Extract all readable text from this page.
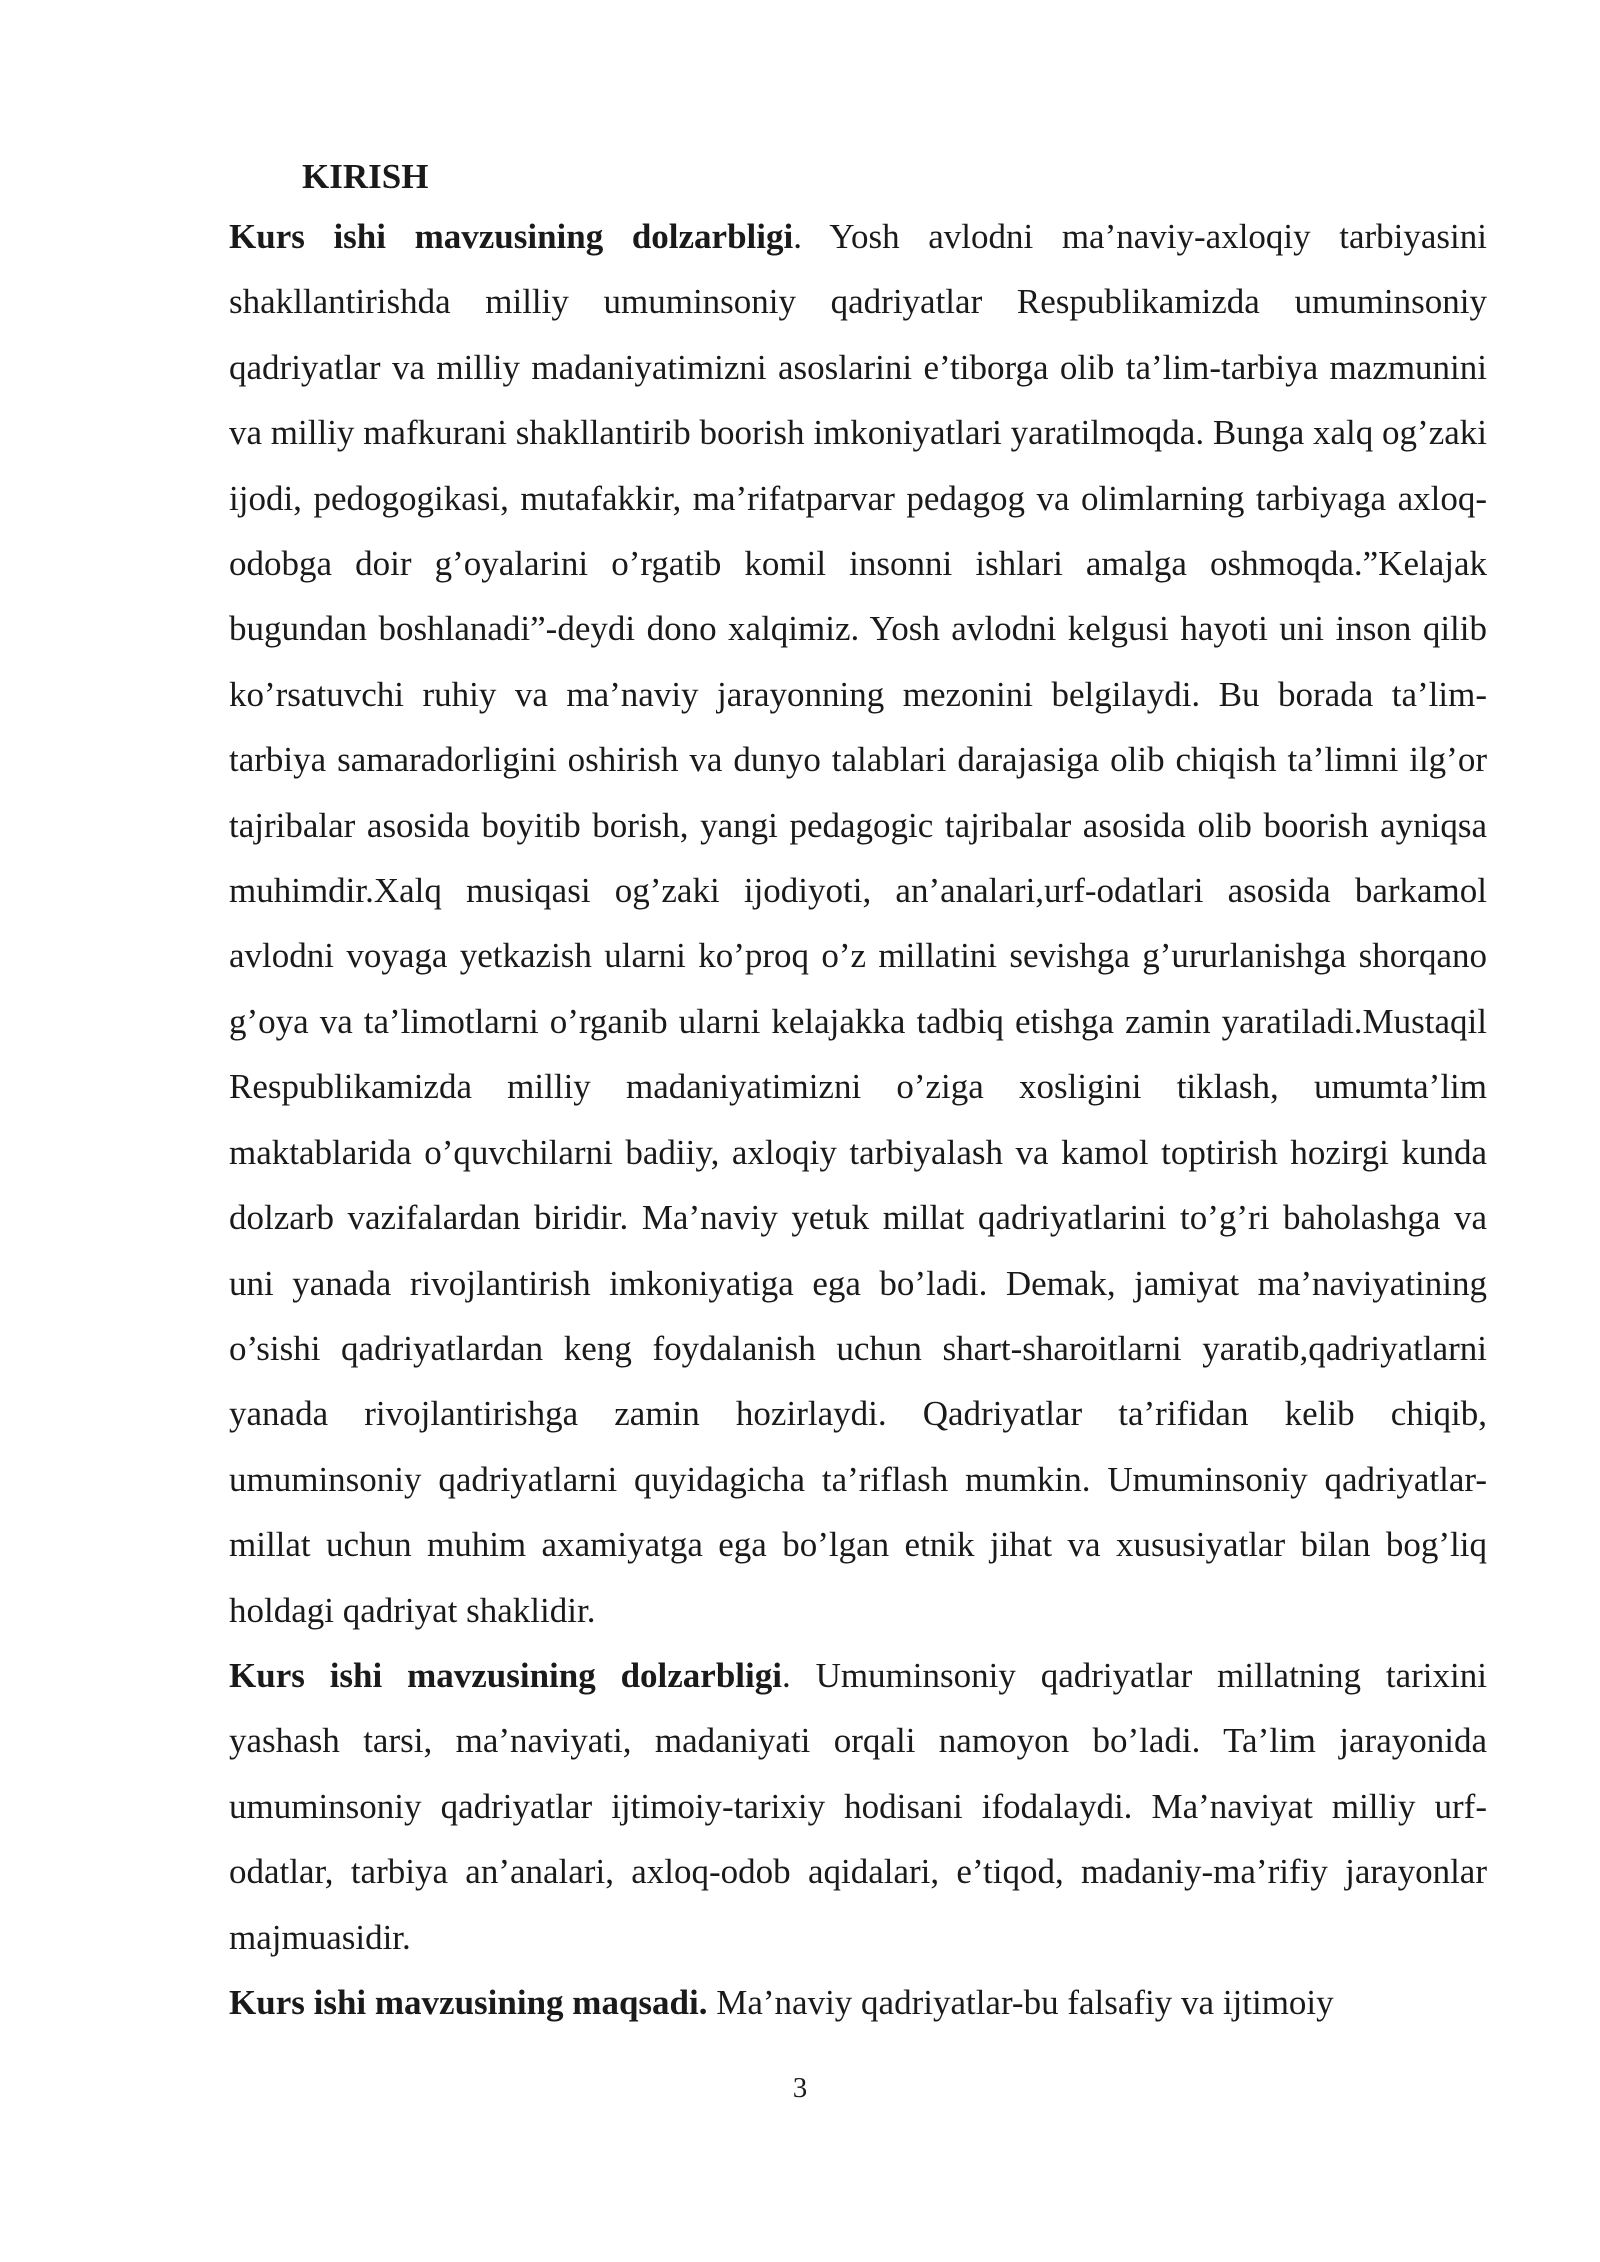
KIRISH

Kurs ishi mavzusining dolzarbligi. Yosh avlodni ma’naviy-axloqiy tarbiyasini shakllantirishda milliy umuminsoniy qadriyatlar Respublikamizda umuminsoniy qadriyatlar va milliy madaniyatimizni asoslarini e’tiborga olib ta’lim-tarbiya mazmunini va milliy mafkurani shakllantirib boorish imkoniyatlari yaratilmoqda. Bunga xalq og’zaki ijodi, pedogogikasi, mutafakkir, ma’rifatparvar pedagog va olimlarning tarbiyaga axloq-odobga doir g’oyalarini o’rgatib komil insonni ishlari amalga oshmoqda.”Kelajak bugundan boshlanadi”-deydi dono xalqimiz. Yosh avlodni kelgusi hayoti uni inson qilib ko’rsatuvchi ruhiy va ma’naviy jarayonning mezonini belgilaydi. Bu borada ta’lim-tarbiya samaradorligini oshirish va dunyo talablari darajasiga olib chiqish ta’limni ilg’or tajribalar asosida boyitib borish, yangi pedagogic tajribalar asosida olib boorish ayniqsa muhimdir.Xalq musiqasi og’zaki ijodiyoti, an’analari,urf-odatlari asosida barkamol avlodni voyaga yetkazish ularni ko’proq o’z millatini sevishga g’ururlanishga shorqano g’oya va ta’limotlarni o’rganib ularni kelajakka tadbiq etishga zamin yaratiladi.Mustaqil Respublikamizda milliy madaniyatimizni o’ziga xosligini tiklash, umumta’lim maktablarida o’quvchilarni badiiy, axloqiy tarbiyalash va kamol toptirish hozirgi kunda dolzarb vazifalardan biridir. Ma’naviy yetuk millat qadriyatlarini to’g’ri baholashga va uni yanada rivojlantirish imkoniyatiga ega bo’ladi. Demak, jamiyat ma’naviyatining o’sishi qadriyatlardan keng foydalanish uchun shart-sharoitlarni yaratib,qadriyatlarni yanada rivojlantirishga zamin hozirlaydi. Qadriyatlar ta’rifidan kelib chiqib, umuminsoniy qadriyatlarni quyidagicha ta’riflash mumkin. Umuminsoniy qadriyatlar-millat uchun muhim axamiyatga ega bo’lgan etnik jihat va xususiyatlar bilan bog’liq holdagi qadriyat shaklidir.

Kurs ishi mavzusining dolzarbligi. Umuminsoniy qadriyatlar millatning tarixini yashash tarsi, ma’naviyati, madaniyati orqali namoyon bo’ladi. Ta’lim jarayonida umuminsoniy qadriyatlar ijtimoiy-tarixiy hodisani ifodalaydi. Ma’naviyat milliy urf-odatlar, tarbiya an’analari, axloq-odob aqidalari, e’tiqod, madaniy-ma’rifiy jarayonlar majmuasidir.

Kurs ishi mavzusining maqsadi. Ma’naviy qadriyatlar-bu falsafiy va ijtimoiy

3
